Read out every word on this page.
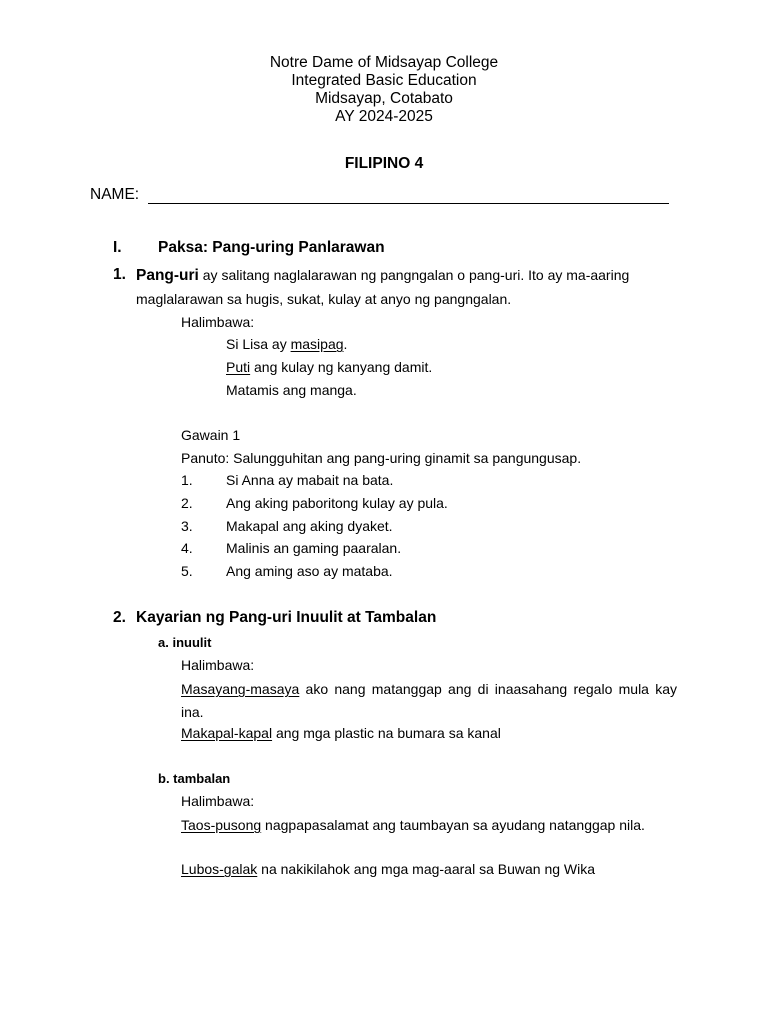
Notre Dame of Midsayap College
Integrated Basic Education
Midsayap, Cotabato
AY 2024-2025
FILIPINO 4
NAME:
I. Paksa: Pang-uring Panlarawan
1. Pang-uri ay salitang naglalarawan ng pangngalan o pang-uri. Ito ay ma-aaring
maglalarawan sa hugis, sukat, kulay at anyo ng pangngalan.
Halimbawa:
Si Lisa ay masipag.
Puti ang kulay ng kanyang damit.
Matamis ang manga.
Gawain 1
Panuto: Salungguhitan ang pang-uring ginamit sa pangungusap.
1. Si Anna ay mabait na bata.
2. Ang aking paboritong kulay ay pula.
3. Makapal ang aking dyaket.
4. Malinis an gaming paaralan.
5. Ang aming aso ay mataba.
2. Kayarian ng Pang-uri Inuulit at Tambalan
a. inuulit
Halimbawa:
Masayang-masaya ako nang matanggap ang di inaasahang regalo mula kay ina.
Makapal-kapal ang mga plastic na bumara sa kanal
b. tambalan
Halimbawa:
Taos-pusong nagpapasalamat ang taumbayan sa ayudang natanggap nila.
Lubos-galak na nakikilahok ang mga mag-aaral sa Buwan ng Wika
